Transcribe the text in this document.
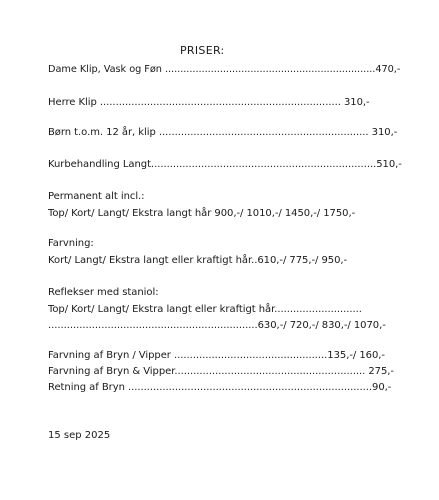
PRISER:
Dame Klip, Vask og Føn .....................................................................470,-
Herre Klip ............................................................................. 310,-
Børn t.o.m. 12 år, klip ................................................................... 310,-
Kurbehandling Langt........................................................................510,-
Permanent alt incl.:
Top/ Kort/ Langt/ Ekstra langt hår 900,-/ 1010,-/ 1450,-/ 1750,-
Farvning:
Kort/ Langt/ Ekstra langt eller kraftigt hår..610,-/ 775,-/ 950,-
Reflekser med staniol:
Top/ Kort/ Langt/ Ekstra langt eller kraftigt hår............................
...................................................................630,-/ 720,-/ 830,-/ 1070,-
Farvning af Bryn / Vipper .................................................135,-/ 160,-
Farvning af Bryn & Vipper............................................................. 275,-
Retning af Bryn ..............................................................................90,-
15 sep 2025
